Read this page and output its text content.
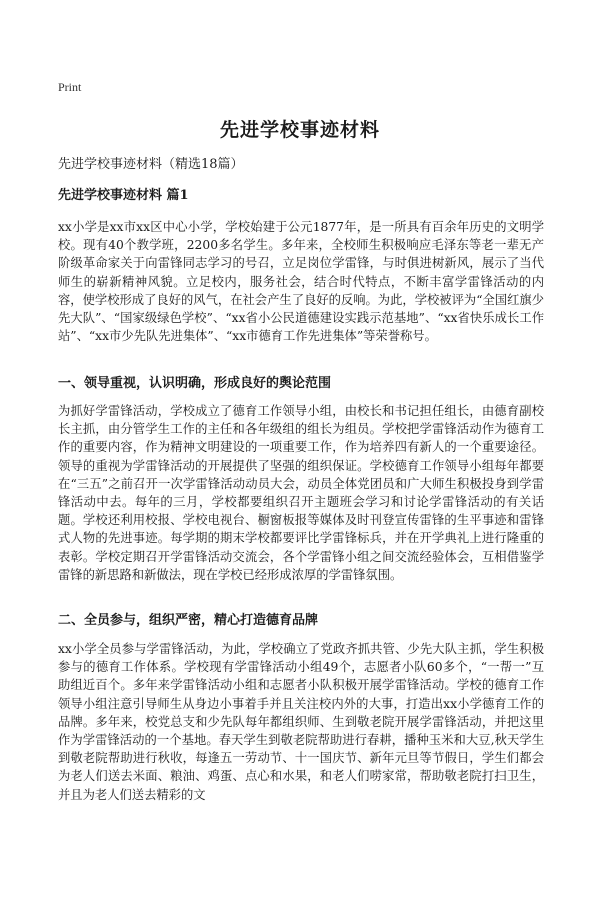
Print
先进学校事迹材料
先进学校事迹材料（精选18篇）
先进学校事迹材料 篇1

xx小学是xx市xx区中心小学，学校始建于公元1877年，是一所具有百余年历史的文明学校。现有40个教学班，2200多名学生。多年来，全校师生积极响应毛泽东等老一辈无产阶级革命家关于向雷锋同志学习的号召，立足岗位学雷锋，与时俱进树新风，展示了当代师生的崭新精神风貌。立足校内，服务社会，结合时代特点，不断丰富学雷锋活动的内容，使学校形成了良好的风气，在社会产生了良好的反响。为此，学校被评为“全国红旗少先大队”、“国家级绿色学校”、“xx省小公民道德建设实践示范基地”、“xx省快乐成长工作站”、“xx市少先队先进集体”、“xx市德育工作先进集体”等荣誉称号。

一、领导重视，认识明确，形成良好的舆论范围

为抓好学雷锋活动，学校成立了德育工作领导小组，由校长和书记担任组长，由德育副校长主抓，由分管学生工作的主任和各年级组的组长为组员。学校把学雷锋活动作为德育工作的重要内容，作为精神文明建设的一项重要工作，作为培养四有新人的一个重要途径。领导的重视为学雷锋活动的开展提供了坚强的组织保证。学校德育工作领导小组每年都要在“三五”之前召开一次学雷锋活动动员大会，动员全体党团员和广大师生积极投身到学雷锋活动中去。每年的三月，学校都要组织召开主题班会学习和讨论学雷锋活动的有关话题。学校还利用校报、学校电视台、橱窗板报等媒体及时刊登宣传雷锋的生平事迹和雷锋式人物的先进事迹。每学期的期末学校都要评比学雷锋标兵，并在开学典礼上进行隆重的表彰。学校定期召开学雷锋活动交流会，各个学雷锋小组之间交流经验体会，互相借鉴学雷锋的新思路和新做法，现在学校已经形成浓厚的学雷锋氛围。

二、全员参与，组织严密，精心打造德育品牌

xx小学全员参与学雷锋活动，为此，学校确立了党政齐抓共管、少先大队主抓，学生积极参与的德育工作体系。学校现有学雷锋活动小组49个，志愿者小队60多个，“一帮一”互助组近百个。多年来学雷锋活动小组和志愿者小队积极开展学雷锋活动。学校的德育工作领导小组注意引导师生从身边小事着手并且关注校内外的大事，打造出xx小学德育工作的品牌。多年来，校党总支和少先队每年都组织师、生到敬老院开展学雷锋活动，并把这里作为学雷锋活动的一个基地。春天学生到敬老院帮助进行春耕，播种玉米和大豆,秋天学生到敬老院帮助进行秋收，每逢五一劳动节、十一国庆节、新年元旦等节假日，学生们都会为老人们送去米面、粮油、鸡蛋、点心和水果，和老人们唠家常，帮助敬老院打扫卫生，并且为老人们送去精彩的文
